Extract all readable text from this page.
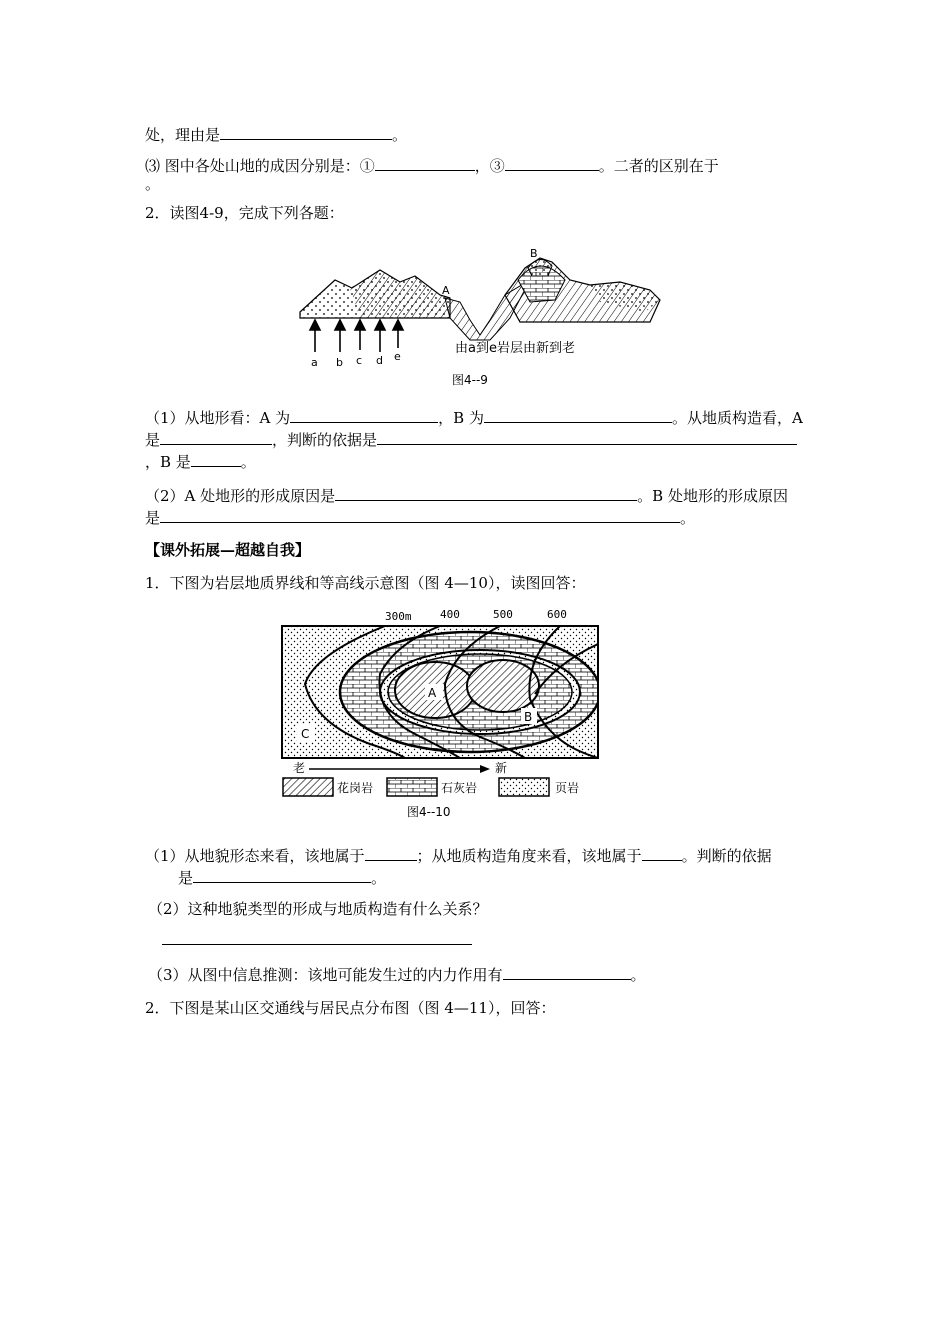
处，理由是	。
⑶ 图中各处山地的成因分别是：①	，③	。二者的区别在于
。
2．读图4-9，完成下列各题：
A
B
a b c d e
由a到e岩层由新到老
图4--9
（1）从地形看：A 为	，B 为	。从地质构造看，A
是	，判断的依据是
，B 是	。
（2）A 处地形的形成原因是	。B 处地形的形成原因
是	。
【课外拓展—超越自我】
1．下图为岩层地质界线和等高线示意图（图 4—10），读图回答：
300m	400	500	600
A
B
C
老	新
花岗岩	石灰岩	页岩
图4--10
（1）从地貌形态来看，该地属于	；从地质构造角度来看，该地属于	。判断的依据
是	。
（2）这种地貌类型的形成与地质构造有什么关系？
（3）从图中信息推测：该地可能发生过的内力作用有	。
2．下图是某山区交通线与居民点分布图（图 4—11），回答：
